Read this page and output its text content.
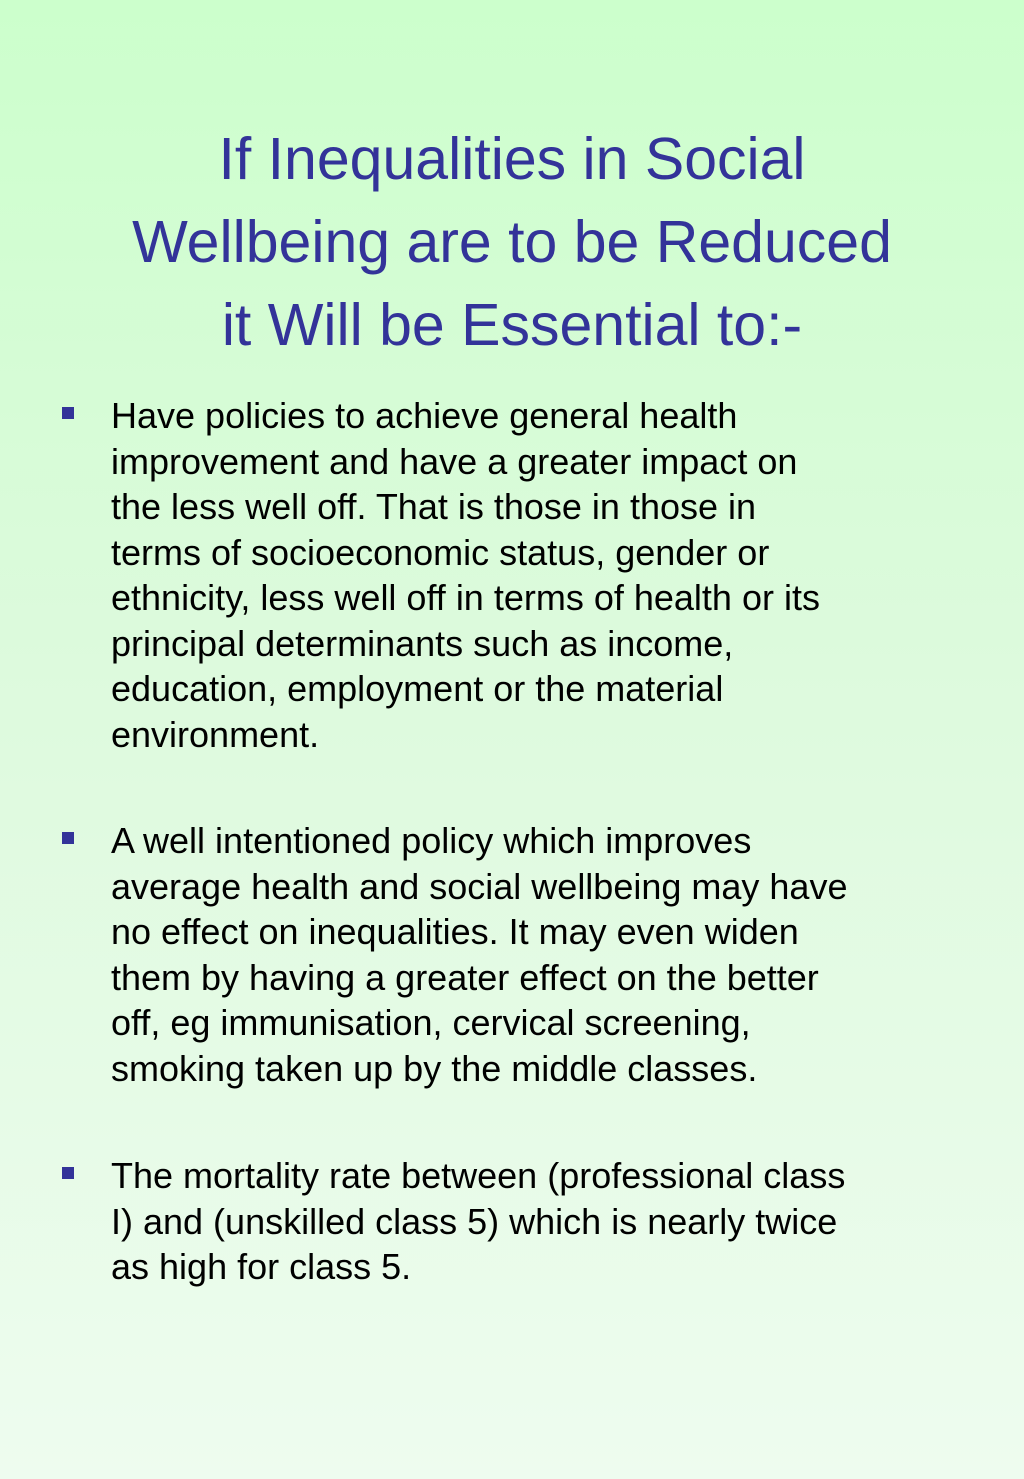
If Inequalities in Social
Wellbeing are to be Reduced
it Will be Essential to:-

Have policies to achieve general health
improvement and have a greater impact on
the less well off. That is those in those in
terms of socioeconomic status, gender or
ethnicity, less well off in terms of health or its
principal determinants such as income,
education, employment or the material
environment.

A well intentioned policy which improves
average health and social wellbeing may have
no effect on inequalities. It may even widen
them by having a greater effect on the better
off, eg immunisation, cervical screening,
smoking taken up by the middle classes.

The mortality rate between (professional class
I) and (unskilled class 5) which is nearly twice
as high for class 5.
